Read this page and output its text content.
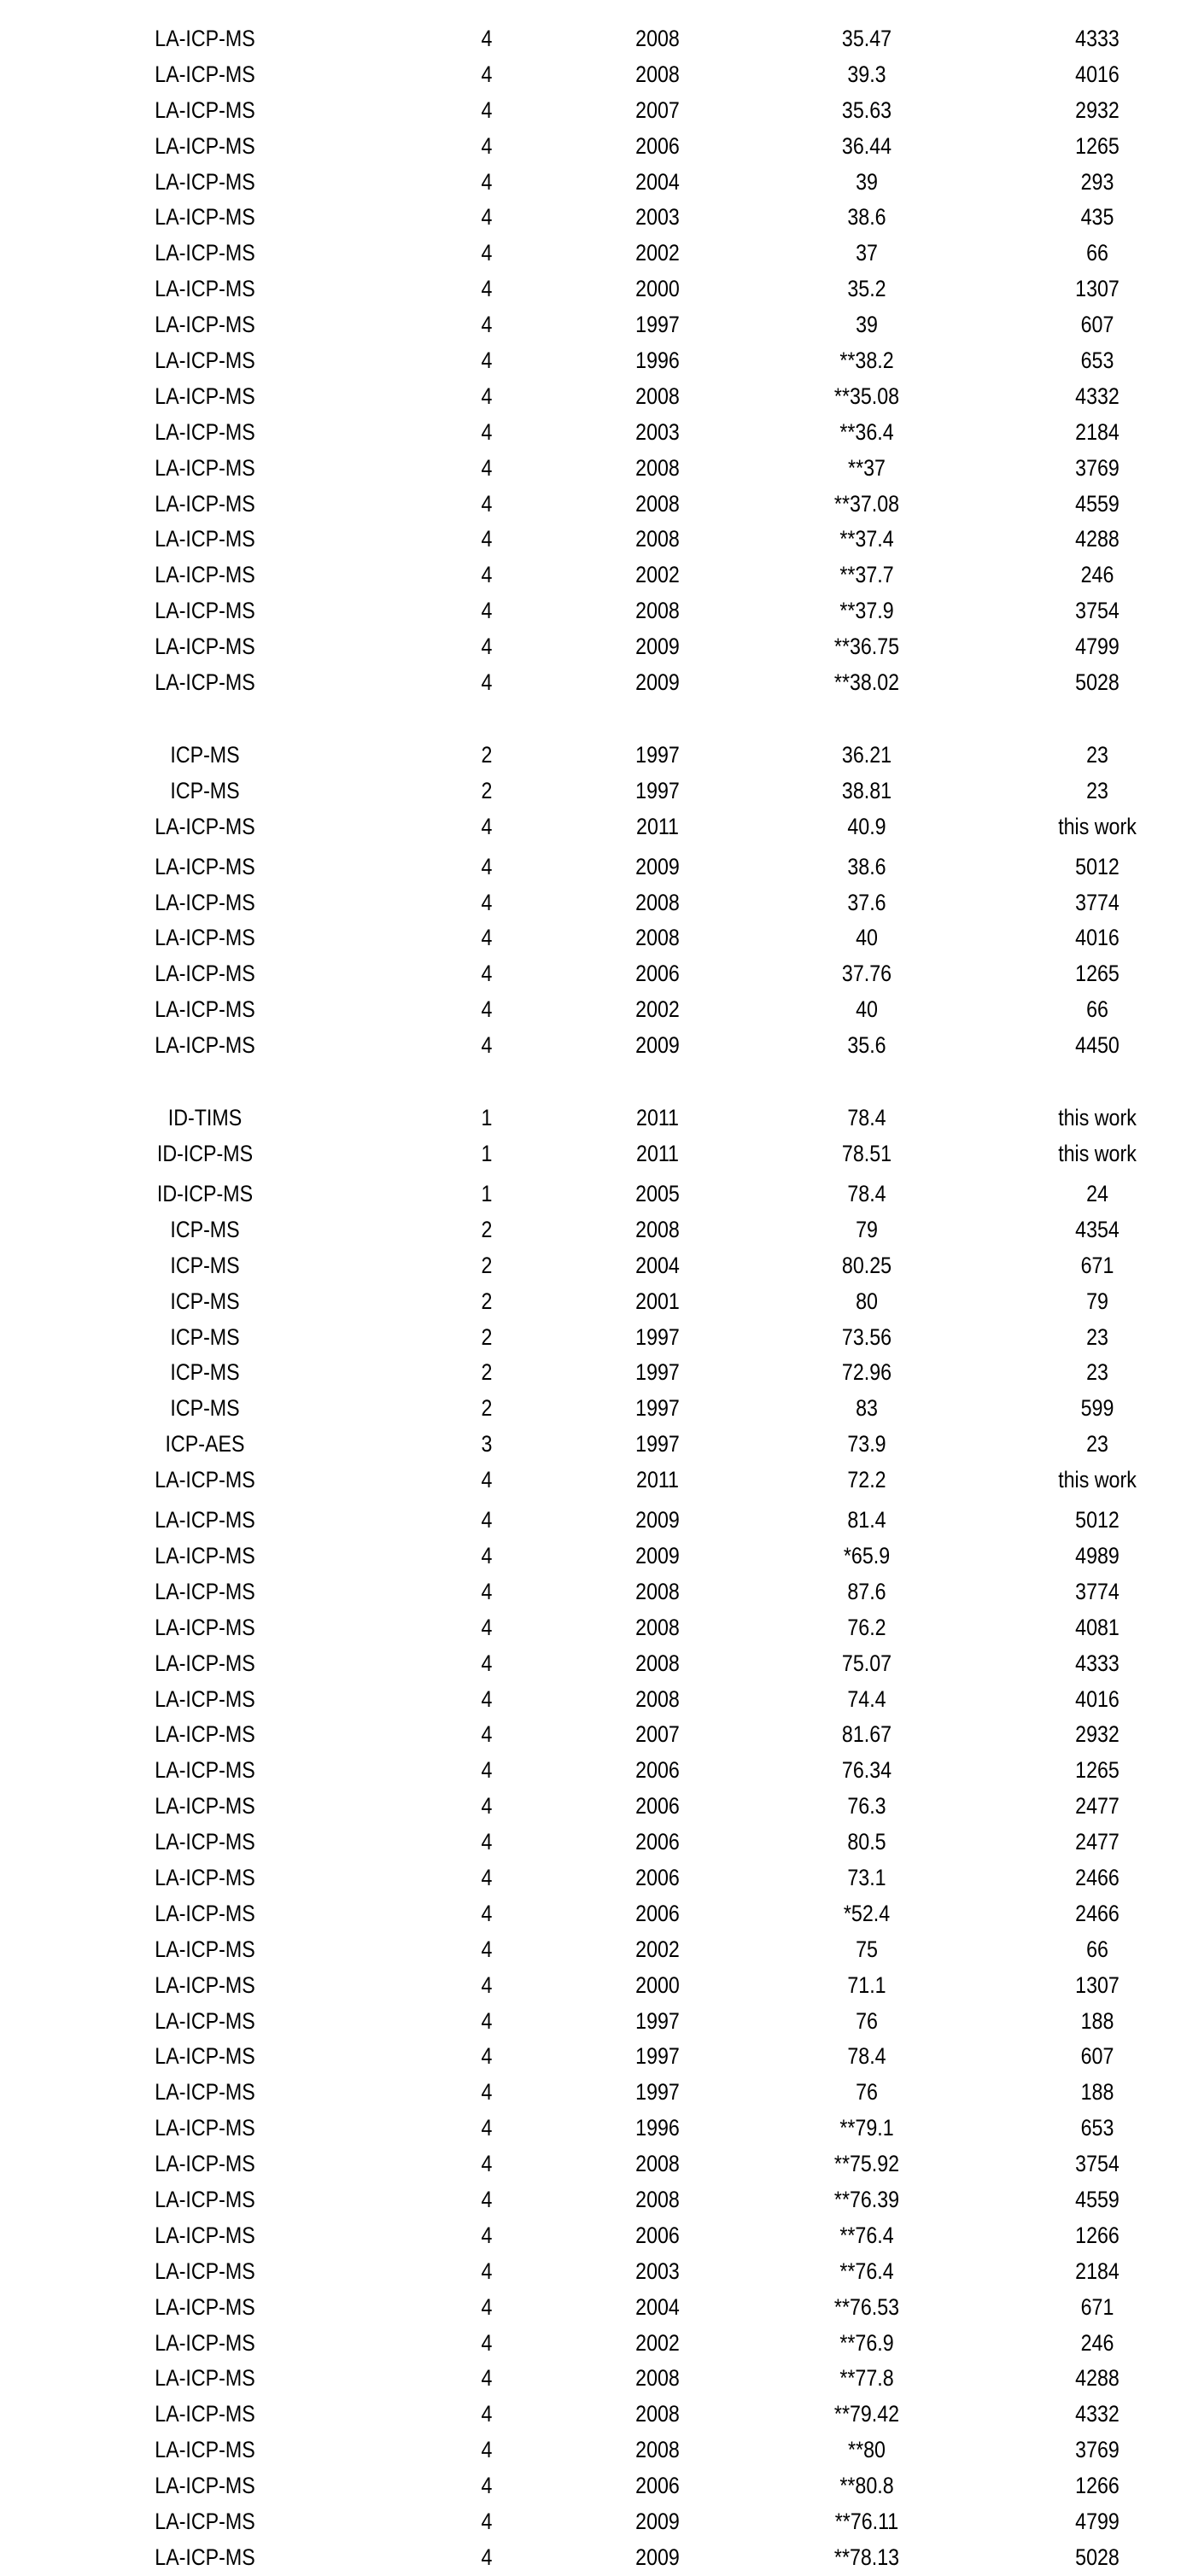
LA-ICP-MS	4	2008	35.47	4333
LA-ICP-MS	4	2008	39.3	4016
LA-ICP-MS	4	2007	35.63	2932
LA-ICP-MS	4	2006	36.44	1265
LA-ICP-MS	4	2004	39	293
LA-ICP-MS	4	2003	38.6	435
LA-ICP-MS	4	2002	37	66
LA-ICP-MS	4	2000	35.2	1307
LA-ICP-MS	4	1997	39	607
LA-ICP-MS	4	1996	**38.2	653
LA-ICP-MS	4	2008	**35.08	4332
LA-ICP-MS	4	2003	**36.4	2184
LA-ICP-MS	4	2008	**37	3769
LA-ICP-MS	4	2008	**37.08	4559
LA-ICP-MS	4	2008	**37.4	4288
LA-ICP-MS	4	2002	**37.7	246
LA-ICP-MS	4	2008	**37.9	3754
LA-ICP-MS	4	2009	**36.75	4799
LA-ICP-MS	4	2009	**38.02	5028
ICP-MS	2	1997	36.21	23
ICP-MS	2	1997	38.81	23
LA-ICP-MS	4	2011	40.9	this work
LA-ICP-MS	4	2009	38.6	5012
LA-ICP-MS	4	2008	37.6	3774
LA-ICP-MS	4	2008	40	4016
LA-ICP-MS	4	2006	37.76	1265
LA-ICP-MS	4	2002	40	66
LA-ICP-MS	4	2009	35.6	4450
ID-TIMS	1	2011	78.4	this work
ID-ICP-MS	1	2011	78.51	this work
ID-ICP-MS	1	2005	78.4	24
ICP-MS	2	2008	79	4354
ICP-MS	2	2004	80.25	671
ICP-MS	2	2001	80	79
ICP-MS	2	1997	73.56	23
ICP-MS	2	1997	72.96	23
ICP-MS	2	1997	83	599
ICP-AES	3	1997	73.9	23
LA-ICP-MS	4	2011	72.2	this work
LA-ICP-MS	4	2009	81.4	5012
LA-ICP-MS	4	2009	*65.9	4989
LA-ICP-MS	4	2008	87.6	3774
LA-ICP-MS	4	2008	76.2	4081
LA-ICP-MS	4	2008	75.07	4333
LA-ICP-MS	4	2008	74.4	4016
LA-ICP-MS	4	2007	81.67	2932
LA-ICP-MS	4	2006	76.34	1265
LA-ICP-MS	4	2006	76.3	2477
LA-ICP-MS	4	2006	80.5	2477
LA-ICP-MS	4	2006	73.1	2466
LA-ICP-MS	4	2006	*52.4	2466
LA-ICP-MS	4	2002	75	66
LA-ICP-MS	4	2000	71.1	1307
LA-ICP-MS	4	1997	76	188
LA-ICP-MS	4	1997	78.4	607
LA-ICP-MS	4	1997	76	188
LA-ICP-MS	4	1996	**79.1	653
LA-ICP-MS	4	2008	**75.92	3754
LA-ICP-MS	4	2008	**76.39	4559
LA-ICP-MS	4	2006	**76.4	1266
LA-ICP-MS	4	2003	**76.4	2184
LA-ICP-MS	4	2004	**76.53	671
LA-ICP-MS	4	2002	**76.9	246
LA-ICP-MS	4	2008	**77.8	4288
LA-ICP-MS	4	2008	**79.42	4332
LA-ICP-MS	4	2008	**80	3769
LA-ICP-MS	4	2006	**80.8	1266
LA-ICP-MS	4	2009	**76.11	4799
LA-ICP-MS	4	2009	**78.13	5028
